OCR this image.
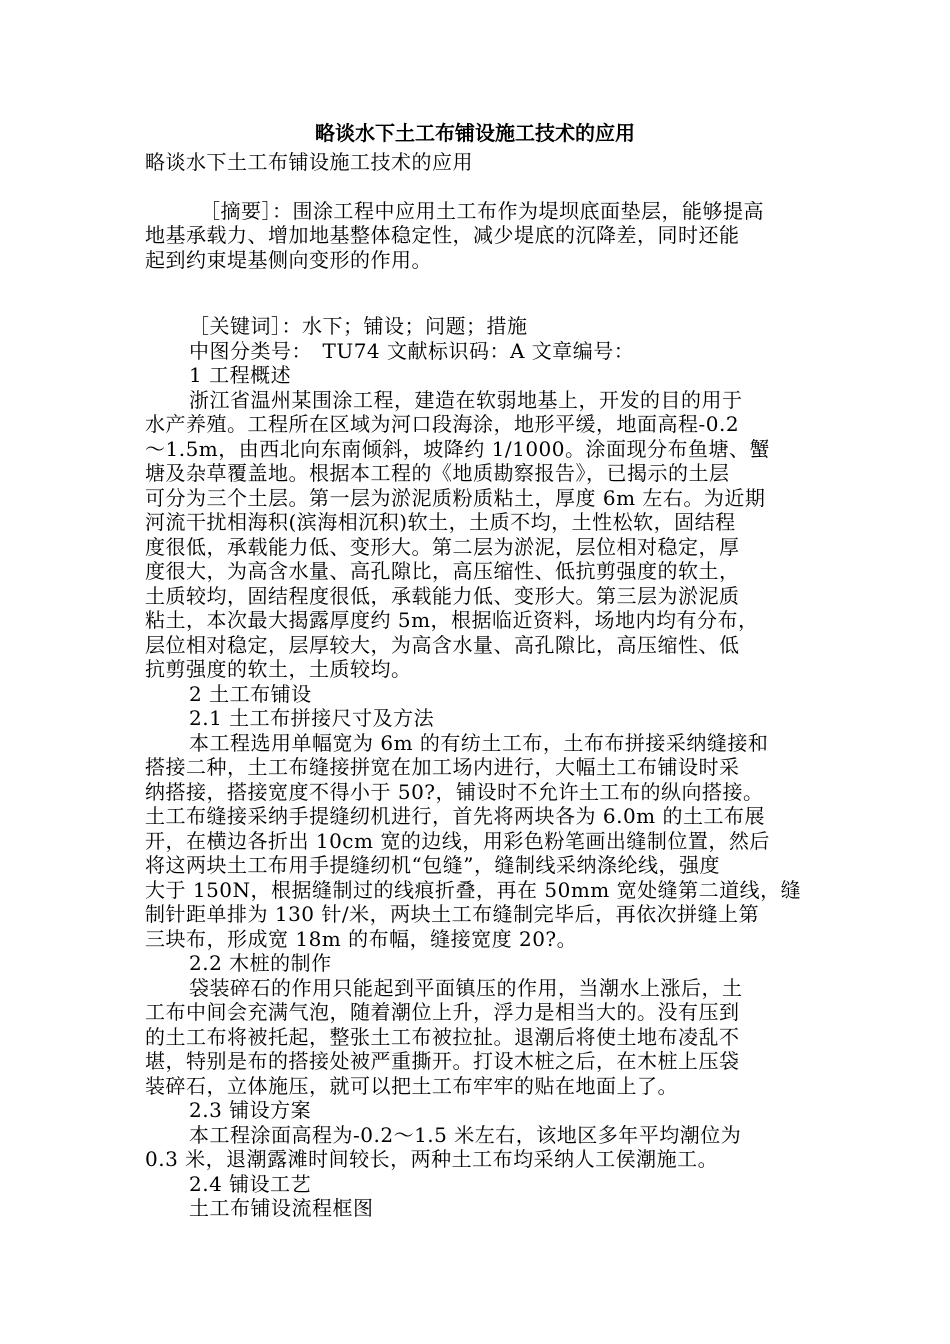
略谈水下土工布铺设施工技术的应用

略谈水下土工布铺设施工技术的应用

［摘要］：围涂工程中应用土工布作为堤坝底面垫层，能够提高
地基承载力、增加地基整体稳定性，减少堤底的沉降差，同时还能
起到约束堤基侧向变形的作用。

［关键词］：水下；铺设；问题；措施

中图分类号：　TU74 文献标识码：A 文章编号：

1 工程概述

浙江省温州某围涂工程，建造在软弱地基上，开发的目的用于
水产养殖。工程所在区域为河口段海涂，地形平缓，地面高程-0.2
～1.5m，由西北向东南倾斜，坡降约 1/1000。涂面现分布鱼塘、蟹
塘及杂草覆盖地。根据本工程的《地质勘察报告》，已揭示的土层
可分为三个土层。第一层为淤泥质粉质粘土，厚度 6m 左右。为近期
河流干扰相海积(滨海相沉积)软土，土质不均，土性松软，固结程
度很低，承载能力低、变形大。第二层为淤泥，层位相对稳定，厚
度很大，为高含水量、高孔隙比，高压缩性、低抗剪强度的软土，
土质较均，固结程度很低，承载能力低、变形大。第三层为淤泥质
粘土，本次最大揭露厚度约 5m，根据临近资料，场地内均有分布，
层位相对稳定，层厚较大，为高含水量、高孔隙比，高压缩性、低
抗剪强度的软土，土质较均。

2 土工布铺设

2.1 土工布拼接尺寸及方法

本工程选用单幅宽为 6m 的有纺土工布，土布布拼接采纳缝接和
搭接二种，土工布缝接拼宽在加工场内进行，大幅土工布铺设时采
纳搭接，搭接宽度不得小于 50?，铺设时不允许土工布的纵向搭接。
土工布缝接采纳手提缝纫机进行，首先将两块各为 6.0m 的土工布展
开，在横边各折出 10cm 宽的边线，用彩色粉笔画出缝制位置，然后
将这两块土工布用手提缝纫机“包缝”，缝制线采纳涤纶线，强度
大于 150N，根据缝制过的线痕折叠，再在 50mm 宽处缝第二道线，缝
制针距单排为 130 针/米，两块土工布缝制完毕后，再依次拼缝上第
三块布，形成宽 18m 的布幅，缝接宽度 20?。

2.2 木桩的制作

袋装碎石的作用只能起到平面镇压的作用，当潮水上涨后，土
工布中间会充满气泡，随着潮位上升，浮力是相当大的。没有压到
的土工布将被托起，整张土工布被拉扯。退潮后将使土地布凌乱不
堪，特别是布的搭接处被严重撕开。打设木桩之后，在木桩上压袋
装碎石，立体施压，就可以把土工布牢牢的贴在地面上了。

2.3 铺设方案

本工程涂面高程为-0.2～1.5 米左右，该地区多年平均潮位为
0.3 米，退潮露滩时间较长，两种土工布均采纳人工侯潮施工。

2.4 铺设工艺

土工布铺设流程框图
